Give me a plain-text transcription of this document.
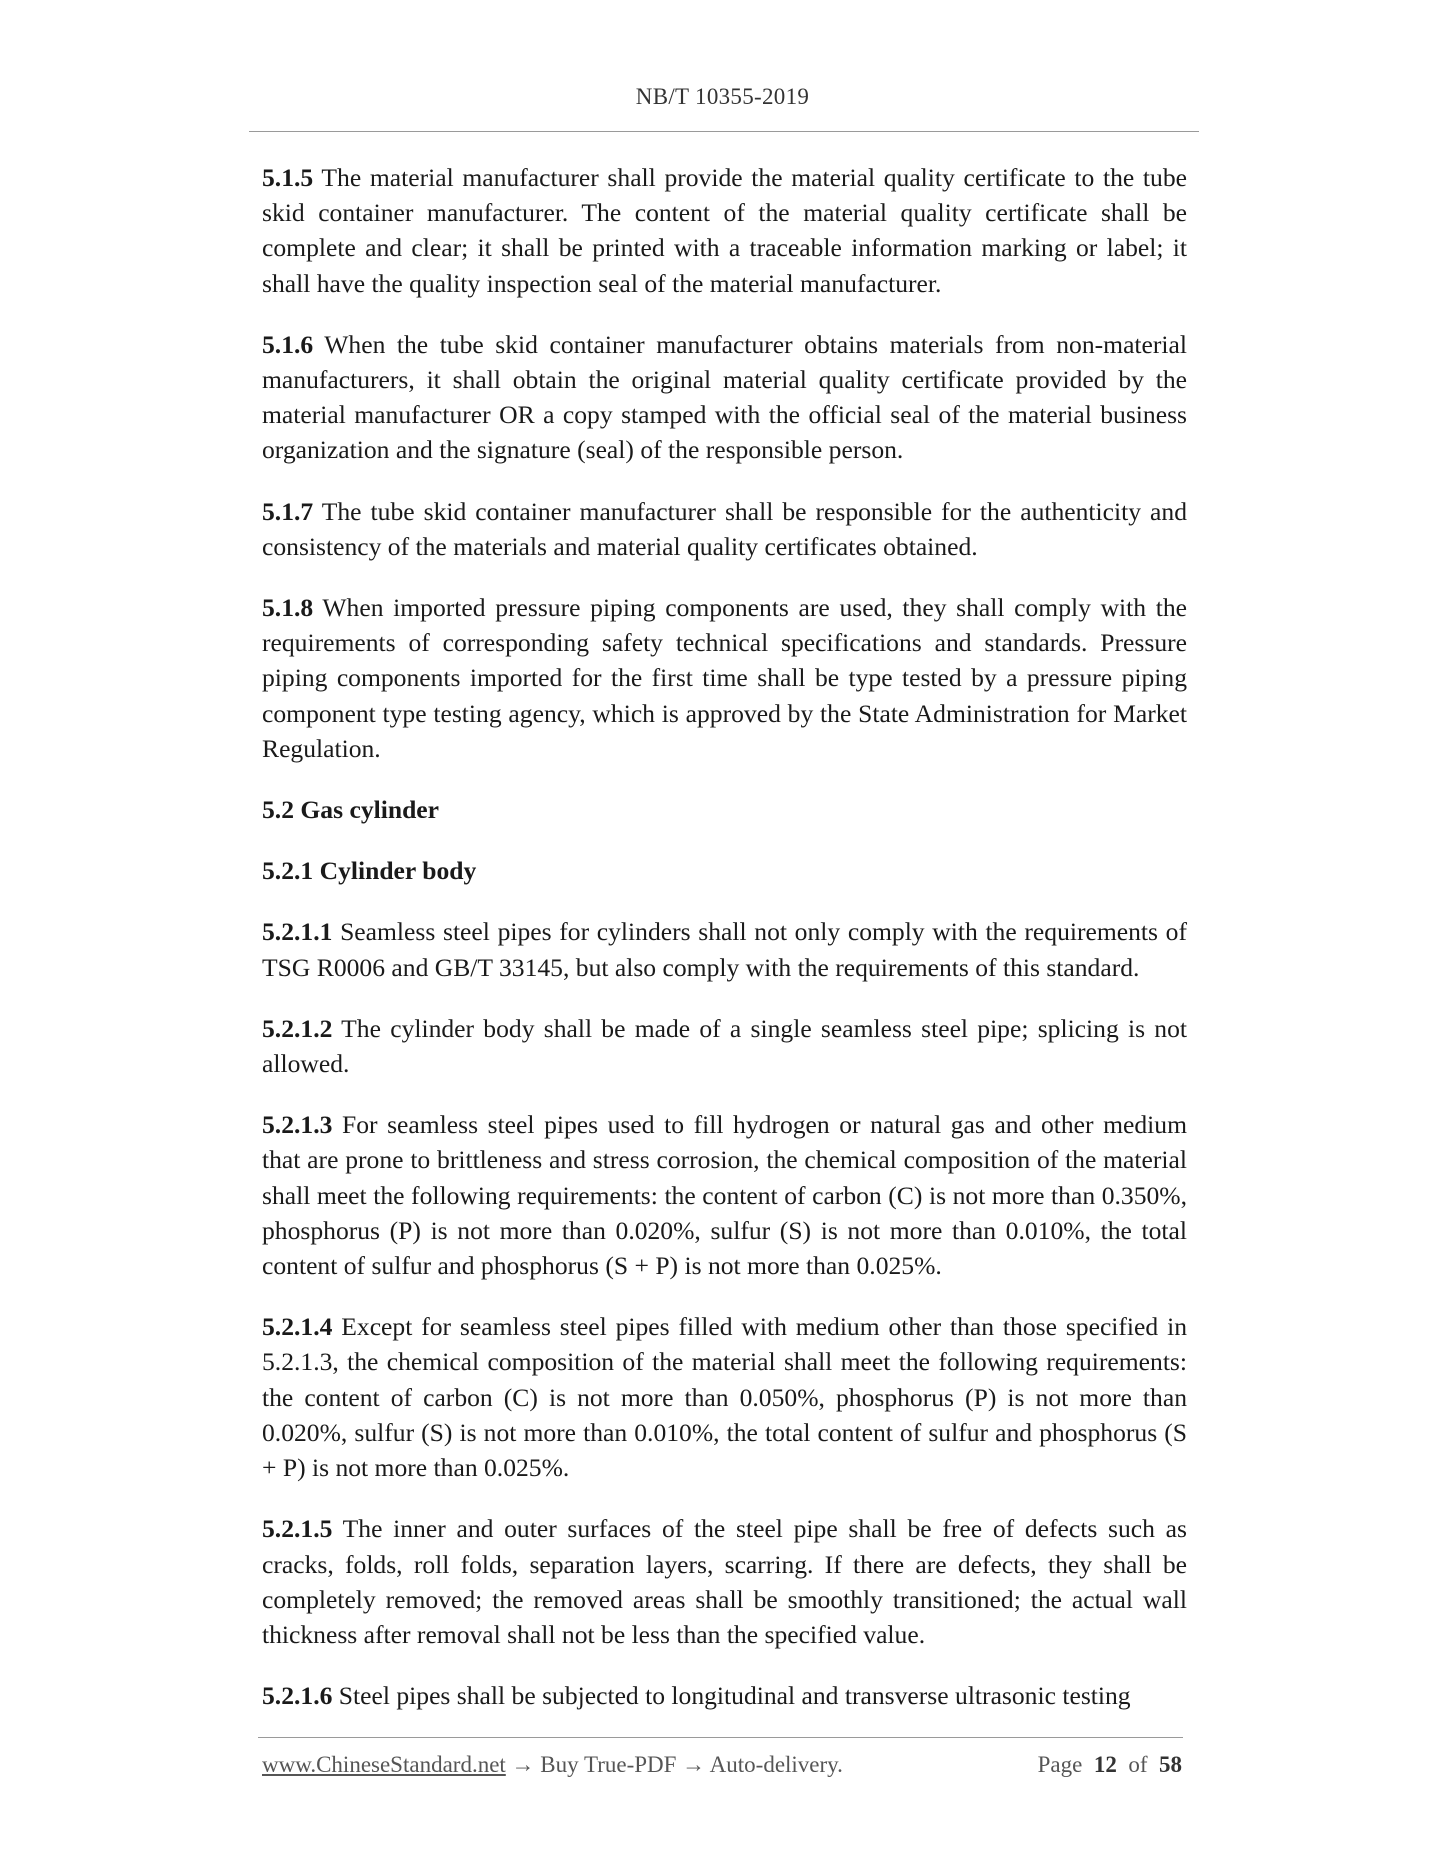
NB/T 10355-2019

5.1.5 The material manufacturer shall provide the material quality certificate to the tube skid container manufacturer. The content of the material quality certificate shall be complete and clear; it shall be printed with a traceable information marking or label; it shall have the quality inspection seal of the material manufacturer.

5.1.6 When the tube skid container manufacturer obtains materials from non-material manufacturers, it shall obtain the original material quality certificate provided by the material manufacturer OR a copy stamped with the official seal of the material business organization and the signature (seal) of the responsible person.

5.1.7 The tube skid container manufacturer shall be responsible for the authenticity and consistency of the materials and material quality certificates obtained.

5.1.8 When imported pressure piping components are used, they shall comply with the requirements of corresponding safety technical specifications and standards. Pressure piping components imported for the first time shall be type tested by a pressure piping component type testing agency, which is approved by the State Administration for Market Regulation.

5.2 Gas cylinder

5.2.1 Cylinder body

5.2.1.1 Seamless steel pipes for cylinders shall not only comply with the requirements of TSG R0006 and GB/T 33145, but also comply with the requirements of this standard.

5.2.1.2 The cylinder body shall be made of a single seamless steel pipe; splicing is not allowed.

5.2.1.3 For seamless steel pipes used to fill hydrogen or natural gas and other medium that are prone to brittleness and stress corrosion, the chemical composition of the material shall meet the following requirements: the content of carbon (C) is not more than 0.350%, phosphorus (P) is not more than 0.020%, sulfur (S) is not more than 0.010%, the total content of sulfur and phosphorus (S + P) is not more than 0.025%.

5.2.1.4 Except for seamless steel pipes filled with medium other than those specified in 5.2.1.3, the chemical composition of the material shall meet the following requirements: the content of carbon (C) is not more than 0.050%, phosphorus (P) is not more than 0.020%, sulfur (S) is not more than 0.010%, the total content of sulfur and phosphorus (S + P) is not more than 0.025%.

5.2.1.5 The inner and outer surfaces of the steel pipe shall be free of defects such as cracks, folds, roll folds, separation layers, scarring. If there are defects, they shall be completely removed; the removed areas shall be smoothly transitioned; the actual wall thickness after removal shall not be less than the specified value.

5.2.1.6 Steel pipes shall be subjected to longitudinal and transverse ultrasonic testing

www.ChineseStandard.net → Buy True-PDF → Auto-delivery.	Page 12 of 58
